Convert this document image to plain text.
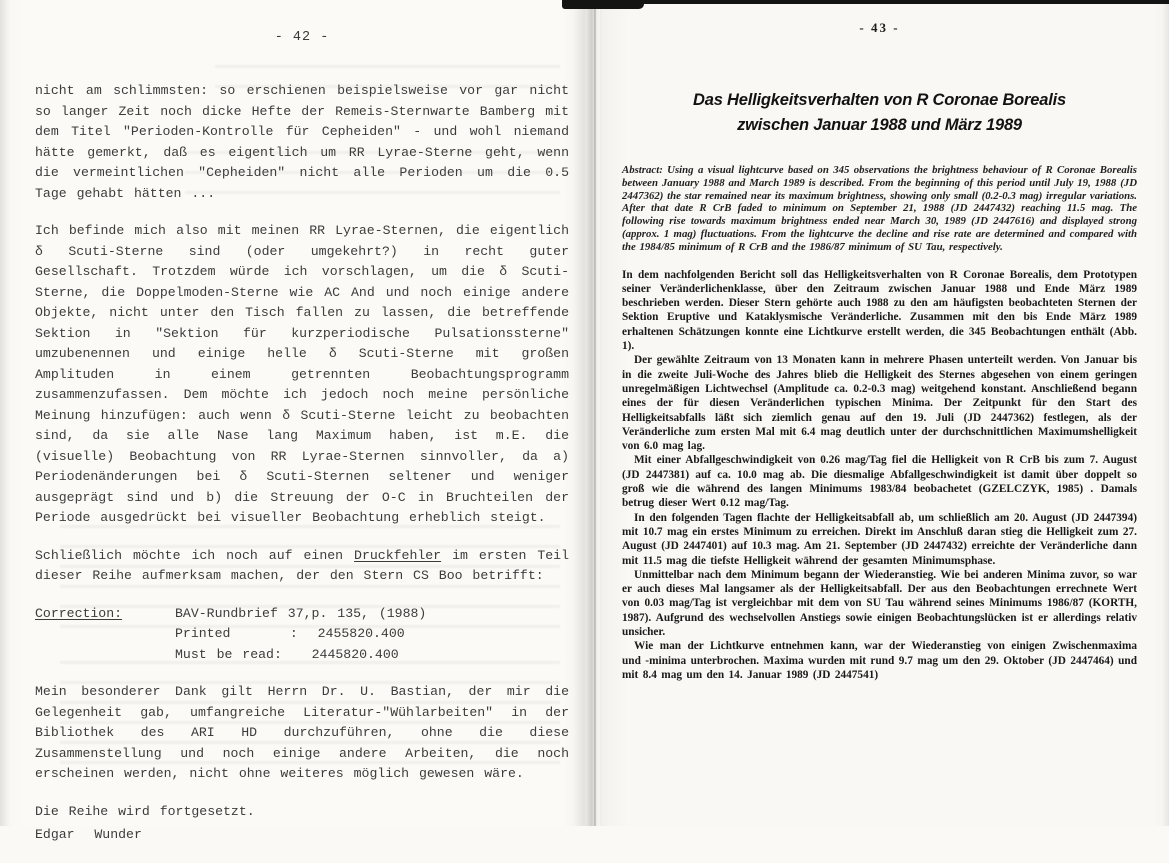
- 42 -

nicht am schlimmsten: so erschienen beispielsweise vor gar nicht so langer Zeit noch dicke Hefte der Remeis-Sternwarte Bamberg mit dem Titel "Perioden-Kontrolle für Cepheiden" - und wohl niemand hätte gemerkt, daß es eigentlich um RR Lyrae-Sterne geht, wenn die vermeintlichen "Cepheiden" nicht alle Perioden um die 0.5 Tage gehabt hätten ...

Ich befinde mich also mit meinen RR Lyrae-Sternen, die eigentlich δ Scuti-Sterne sind (oder umgekehrt?) in recht guter Gesellschaft. Trotzdem würde ich vorschlagen, um die δ Scuti-Sterne, die Doppelmoden-Sterne wie AC And und noch einige andere Objekte, nicht unter den Tisch fallen zu lassen, die betreffende Sektion in "Sektion für kurzperiodische Pulsationssterne" umzubenennen und einige helle δ Scuti-Sterne mit großen Amplituden in einem getrennten Beobachtungsprogramm zusammenzufassen. Dem möchte ich jedoch noch meine persönliche Meinung hinzufügen: auch wenn δ Scuti-Sterne leicht zu beobachten sind, da sie alle Nase lang Maximum haben, ist m.E. die (visuelle) Beobachtung von RR Lyrae-Sternen sinnvoller, da a) Periodenänderungen bei δ Scuti-Sternen seltener und weniger ausgeprägt sind und b) die Streuung der O-C in Bruchteilen der Periode ausgedrückt bei visueller Beobachtung erheblich steigt.

Schließlich möchte ich noch auf einen Druckfehler im ersten Teil dieser Reihe aufmerksam machen, der den Stern CS Boo betrifft:

Correction:	BAV-Rundbrief 37,p. 135, (1988)
Printed      :  2455820.400
Must be read:   2445820.400

Mein besonderer Dank gilt Herrn Dr. U. Bastian, der mir die Gelegenheit gab, umfangreiche Literatur-"Wühlarbeiten" in der Bibliothek des ARI HD durchzuführen, ohne die diese Zusammenstellung und noch einige andere Arbeiten, die noch erscheinen werden, nicht ohne weiteres möglich gewesen wäre.

Die Reihe wird fortgesetzt.

Edgar  Wunder

- 43 -
Das Helligkeitsverhalten von R Coronae Borealis
zwischen Januar 1988 und März 1989
Abstract: Using a visual lightcurve based on 345 observations the brightness behaviour of R Coronae Borealis between January 1988 and March 1989 is described. From the beginning of this period until July 19, 1988 (JD 2447362) the star remained near its maximum brightness, showing only small (0.2-0.3 mag) irregular variations. After that date R CrB faded to minimum on September 21, 1988 (JD 2447432) reaching 11.5 mag. The following rise towards maximum brightness ended near March 30, 1989 (JD 2447616) and displayed strong (approx. 1 mag) fluctuations. From the lightcurve the decline and rise rate are determined and compared with the 1984/85 minimum of R CrB and the 1986/87 minimum of SU Tau, respectively.

In dem nachfolgenden Bericht soll das Helligkeitsverhalten von R Coronae Borealis, dem Prototypen seiner Veränderlichenklasse, über den Zeitraum zwischen Januar 1988 und Ende März 1989 beschrieben werden. Dieser Stern gehörte auch 1988 zu den am häufigsten beobachteten Sternen der Sektion Eruptive und Kataklysmische Veränderliche. Zusammen mit den bis Ende März 1989 erhaltenen Schätzungen konnte eine Lichtkurve erstellt werden, die 345 Beobachtungen enthält (Abb. 1).

Der gewählte Zeitraum von 13 Monaten kann in mehrere Phasen unterteilt werden. Von Januar bis in die zweite Juli-Woche des Jahres blieb die Helligkeit des Sternes abgesehen von einem geringen unregelmäßigen Lichtwechsel (Amplitude ca. 0.2-0.3 mag) weitgehend konstant. Anschließend begann eines der für diesen Veränderlichen typischen Minima. Der Zeitpunkt für den Start des Helligkeitsabfalls läßt sich ziemlich genau auf den 19. Juli (JD 2447362) festlegen, als der Veränderliche zum ersten Mal mit 6.4 mag deutlich unter der durchschnittlichen Maximumshelligkeit von 6.0 mag lag.

Mit einer Abfallgeschwindigkeit von 0.26 mag/Tag fiel die Helligkeit von R CrB bis zum 7. August (JD 2447381) auf ca. 10.0 mag ab. Die diesmalige Abfallgeschwindigkeit ist damit über doppelt so groß wie die während des langen Minimums 1983/84 beobachetet (GZELCZYK, 1985) . Damals betrug dieser Wert 0.12 mag/Tag.

In den folgenden Tagen flachte der Helligkeitsabfall ab, um schließlich am 20. August (JD 2447394) mit 10.7 mag ein erstes Minimum zu erreichen. Direkt im Anschluß daran stieg die Helligkeit zum 27. August (JD 2447401) auf 10.3 mag. Am 21. September (JD 2447432) erreichte der Veränderliche dann mit 11.5 mag die tiefste Helligkeit während der gesamten Minimumsphase.

Unmittelbar nach dem Minimum begann der Wiederanstieg. Wie bei anderen Minima zuvor, so war er auch dieses Mal langsamer als der Helligkeitsabfall. Der aus den Beobachtungen errechnete Wert von 0.03 mag/Tag ist vergleichbar mit dem von SU Tau während seines Minimums 1986/87 (KORTH, 1987). Aufgrund des wechselvollen Anstiegs sowie einigen Beobachtungslücken ist er allerdings relativ unsicher.

Wie man der Lichtkurve entnehmen kann, war der Wiederanstieg von einigen Zwischenmaxima und -minima unterbrochen. Maxima wurden mit rund 9.7 mag um den 29. Oktober (JD 2447464) und mit 8.4 mag um den 14. Januar 1989 (JD 2447541)
